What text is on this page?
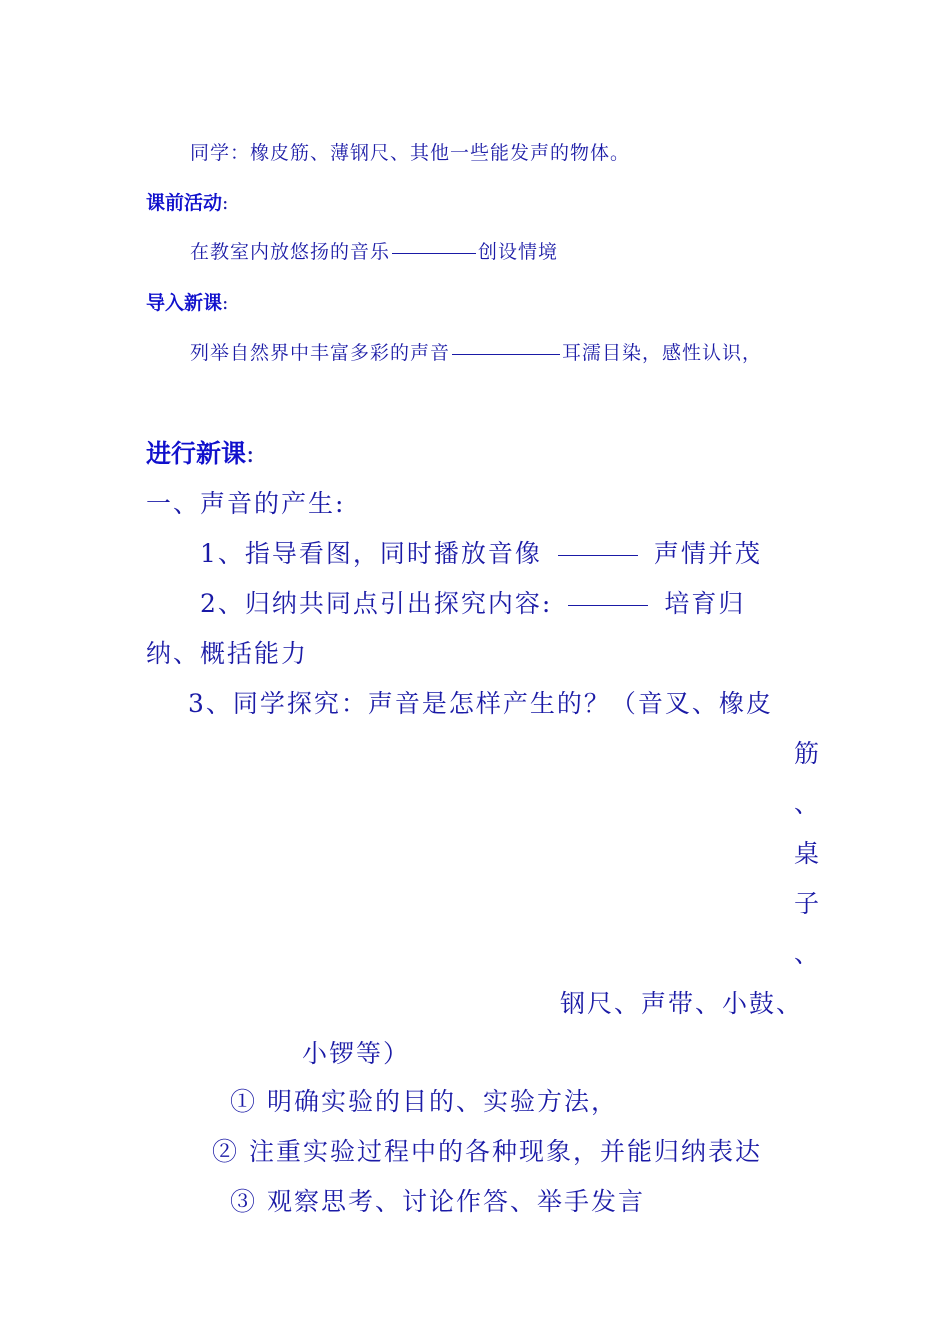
同学：橡皮筋、薄钢尺、其他一些能发声的物体。
课前活动:
在教室内放悠扬的音乐	创设情境
导入新课:
列举自然界中丰富多彩的声音	耳濡目染，感性认识，
进行新课:
一、声音的产生:
1、指导看图，同时播放音像	声情并茂
2、归纳共同点引出探究内容:	培育归
纳、概括能力
3、同学探究：声音是怎样产生的？（音叉、橡皮
筋
、
桌
子
、
钢尺、声带、小鼓、
小锣等）
① 明确实验的目的、实验方法，
② 注重实验过程中的各种现象，并能归纳表达
③ 观察思考、讨论作答、举手发言
